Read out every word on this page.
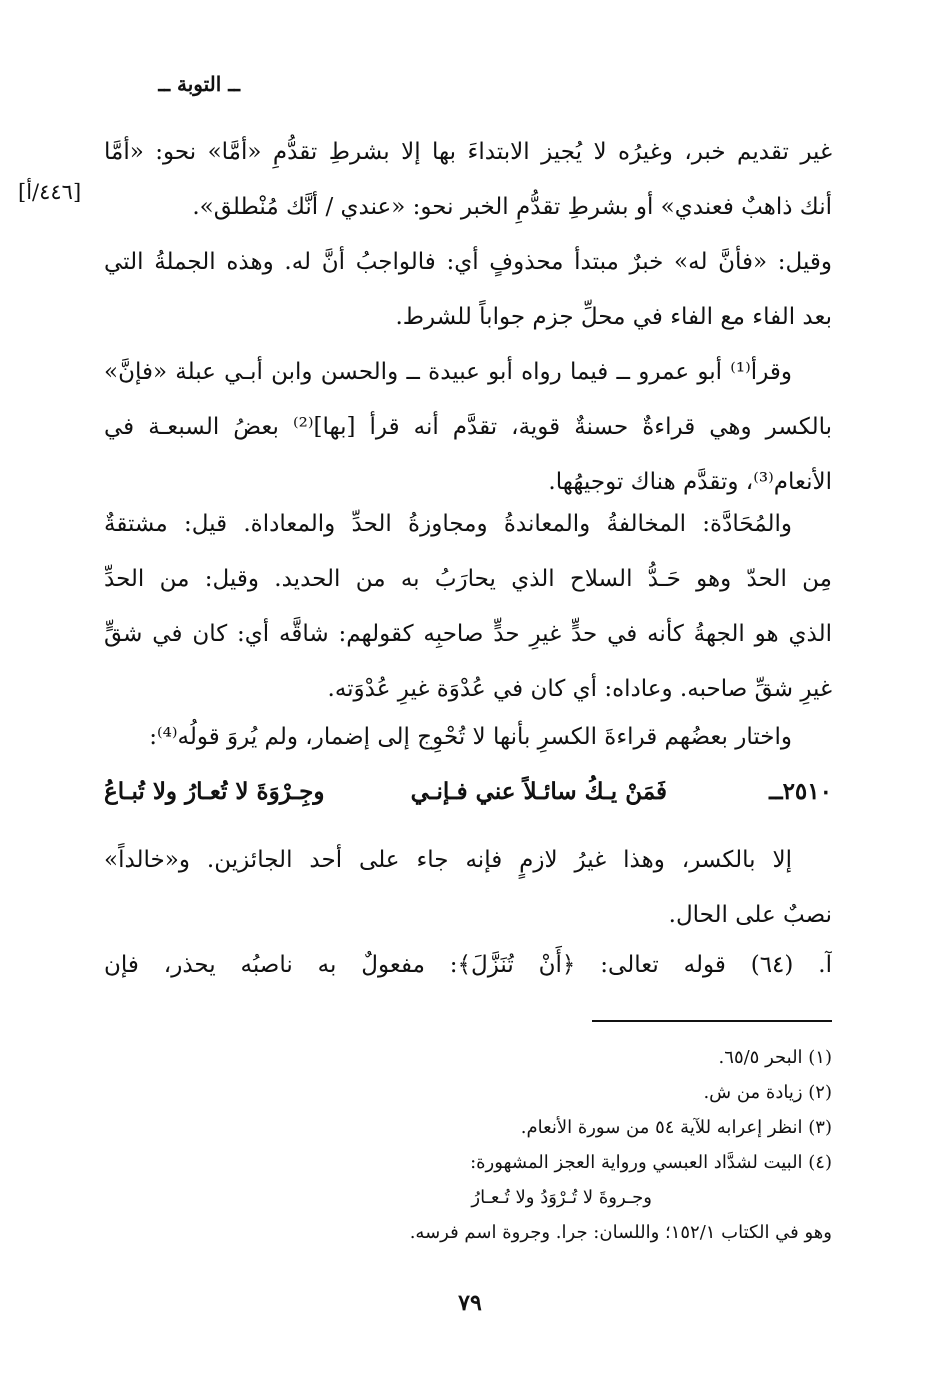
ــ التوبة ــ
[٤٤٦/أ]
غير تقديم خبر، وغيرُه لا يُجيز الابتداءَ بها إلا بشرطِ تقدُّمِ «أمَّا» نحو: «أمَّا
أنك ذاهبٌ فعندي» أو بشرطِ تقدُّمِ الخبر نحو: «عندي / أنَّك مُنْطلق».
وقيل: «فأنَّ له» خبرٌ مبتدأ محذوفٍ أي: فالواجبُ أنَّ له. وهذه الجملةُ التي
بعد الفاء مع الفاء في محلِّ جزم جواباً للشرط.
وقرأ⁽¹⁾ أبو عمرو ــ فيما رواه أبو عبيدة ــ والحسن وابن أبـي عبلة «فإنَّ»
بالكسر وهي قراءةٌ حسنةٌ قوية، تقدَّم أنه قرأ [بها]⁽²⁾ بعضُ السبعـة في
الأنعام⁽³⁾، وتقدَّم هناك توجيهُها.
والمُحَادَّة: المخالفةُ والمعاندةُ ومجاوزةُ الحدِّ والمعاداة. قيل: مشتقةٌ
مِن الحدّ وهو حَـدُّ السلاح الذي يحارَبُ به من الحديد. وقيل: من الحدِّ
الذي هو الجهةُ كأنه في حدٍّ غيرِ حدٍّ صاحبِه كقولهم: شاقَّه أي: كان في شقٍّ
غيرِ شقِّ صاحبه. وعاداه: أي كان في عُدْوَة غيرِ عُدْوَته.
واختار بعضُهم قراءةَ الكسرِ بأنها لا تُحْوِج إلى إضمار، ولم يُروَ قولُه⁽⁴⁾:
٢٥١٠ــ
فَمَنْ يـكُ سائـلاً عني فـإنـي
وجِـرْوَةَ لا تُعـارُ ولا تُبـاعُ
إلا بالكسر، وهذا غيرُ لازمٍ فإنه جاء على أحد الجائزين. و«خالداً»
نصبٌ على الحال.
آ. (٦٤) قوله تعالى: ﴿أَنْ تُنَزَّلَ﴾: مفعولٌ به ناصبُه يحذر، فإن
(١) البحر ٦٥/٥.
(٢) زيادة من ش.
(٣) انظر إعرابه للآية ٥٤ من سورة الأنعام.
(٤) البيت لشدَّاد العبسي ورواية العجز المشهورة:
وجـروةَ لا تُـرْوَدُ ولا تُـعـارُ
وهو في الكتاب ١٥٢/١؛ واللسان: جرا. وجروة اسم فرسه.
٧٩
